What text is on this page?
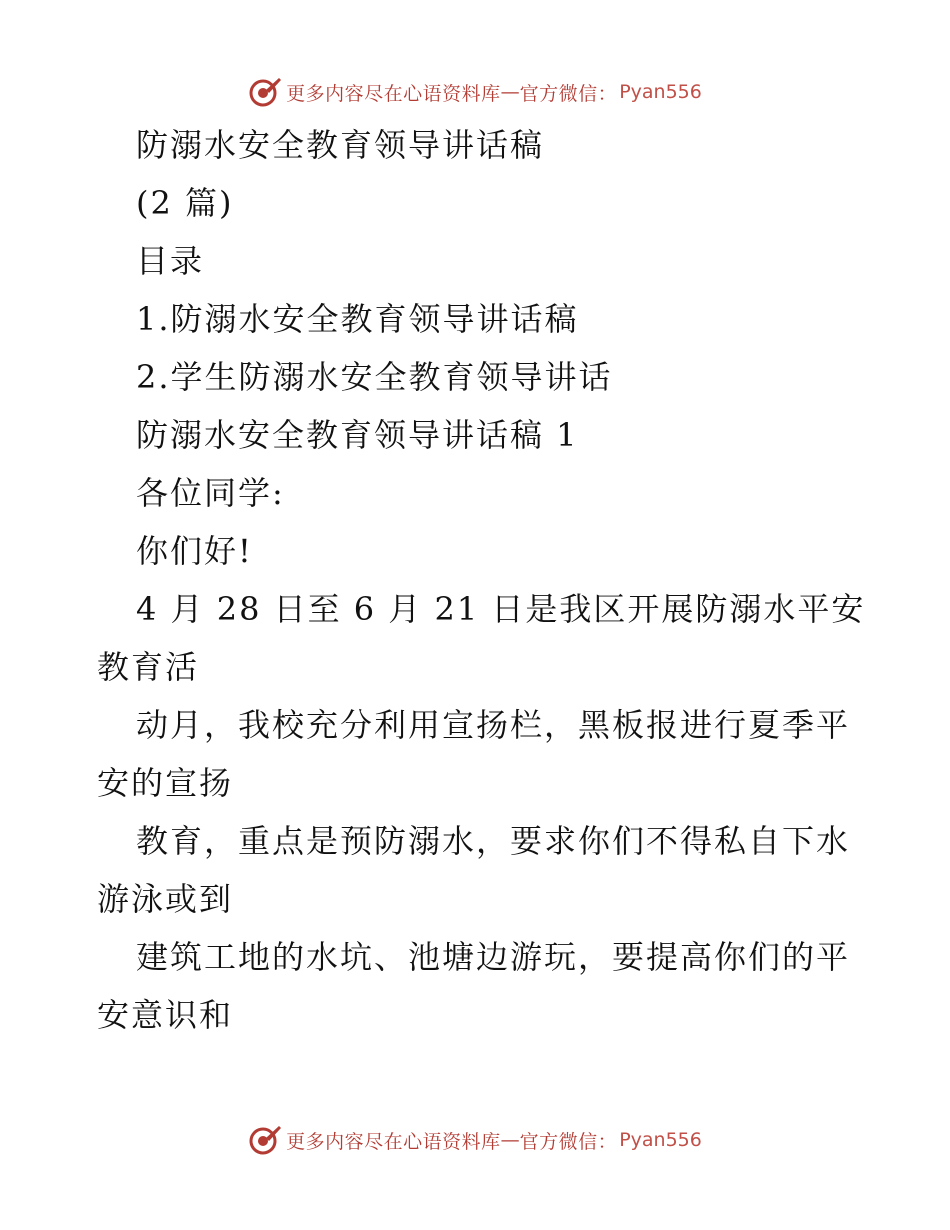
更多内容尽在心语资料库 — 官方微信： Pyan556
防溺水安全教育领导讲话稿
(2 篇)
目录
1.防溺水安全教育领导讲话稿
2.学生防溺水安全教育领导讲话
防溺水安全教育领导讲话稿 1
各位同学:
你们好!
4 月 28 日至 6 月 21 日是我区开展防溺水平安
教育活
动月，我校充分利用宣扬栏，黑板报进行夏季平
安的宣扬
教育，重点是预防溺水，要求你们不得私自下水
游泳或到
建筑工地的水坑、池塘边游玩，要提高你们的平
安意识和
更多内容尽在心语资料库 — 官方微信： Pyan556
